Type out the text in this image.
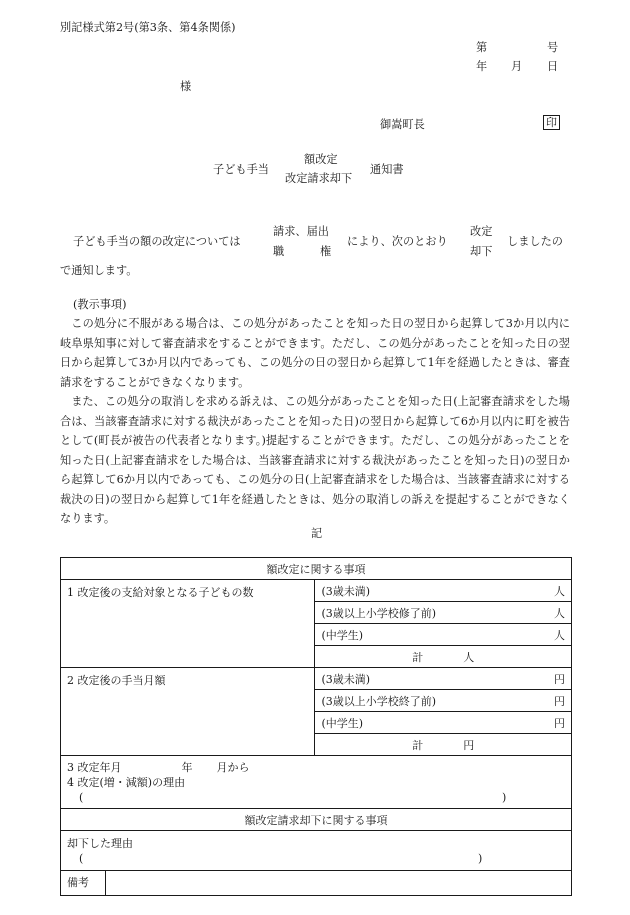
別記様式第2号(第3条、第4条関係)
第	号
年 月 日
様
御嵩町長	印
子ども手当
額改定
改定請求却下
通知書
子ども手当の額の改定については
請求、届出
職	権
により、次のとおり
改定
却下
しましたの
で通知します。
(教示事項)

この処分に不服がある場合は、この処分があったことを知った日の翌日から起算して3か月以内に岐阜県知事に対して審査請求をすることができます。ただし、この処分があったことを知った日の翌日から起算して3か月以内であっても、この処分の日の翌日から起算して1年を経過したときは、審査請求をすることができなくなります。

また、この処分の取消しを求める訴えは、この処分があったことを知った日(上記審査請求をした場合は、当該審査請求に対する裁決があったことを知った日)の翌日から起算して6か月以内に町を被告として(町長が被告の代表者となります。)提起することができます。ただし、この処分があったことを知った日(上記審査請求をした場合は、当該審査請求に対する裁決があったことを知った日)の翌日から起算して6か月以内であっても、この処分の日(上記審査請求をした場合は、当該審査請求に対する裁決の日)の翌日から起算して1年を経過したときは、処分の取消しの訴えを提起することができなくなります。

記
額改定に関する事項	
1 改定後の支給対象となる子どもの数	(3歳未満) 人

	(3歳以上小学校修了前) 人

	(中学生) 人

	計 人
2 改定後の手当月額	(3歳未満) 円

	(3歳以上小学校終了前) 円

	(中学生) 円

	計 円

3 改定年月 年 月から
4 改定(増・減額)の理由
( )	

額改定請求却下に関する事項	

却下した理由
( )	

備考	
